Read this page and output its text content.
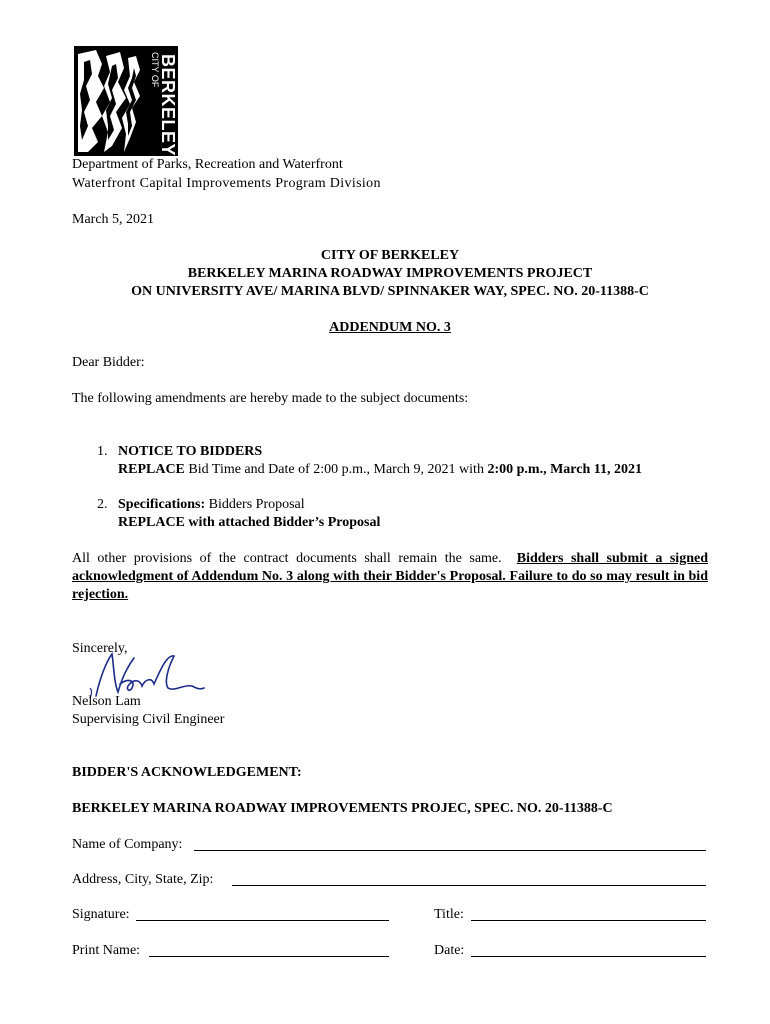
CITY OF
BERKELEY
Department of Parks, Recreation and Waterfront
Waterfront Capital Improvements Program Division
March 5, 2021
CITY OF BERKELEY
BERKELEY MARINA ROADWAY IMPROVEMENTS PROJECT
ON UNIVERSITY AVE/ MARINA BLVD/ SPINNAKER WAY, SPEC. NO. 20-11388-C
ADDENDUM NO. 3
Dear Bidder:
The following amendments are hereby made to the subject documents:
1. NOTICE TO BIDDERS
REPLACE Bid Time and Date of 2:00 p.m., March 9, 2021 with 2:00 p.m., March 11, 2021
2. Specifications: Bidders Proposal
REPLACE with attached Bidder’s Proposal
All other provisions of the contract documents shall remain the same.  Bidders shall submit a signed acknowledgment of Addendum No. 3 along with their Bidder's Proposal. Failure to do so may result in bid rejection.
Sincerely,
Nelson Lam
Supervising Civil Engineer
BIDDER'S ACKNOWLEDGEMENT:
BERKELEY MARINA ROADWAY IMPROVEMENTS PROJEC, SPEC. NO. 20-11388-C
Name of Company:
Address, City, State, Zip:
Signature:	Title:
Print Name:	Date:
